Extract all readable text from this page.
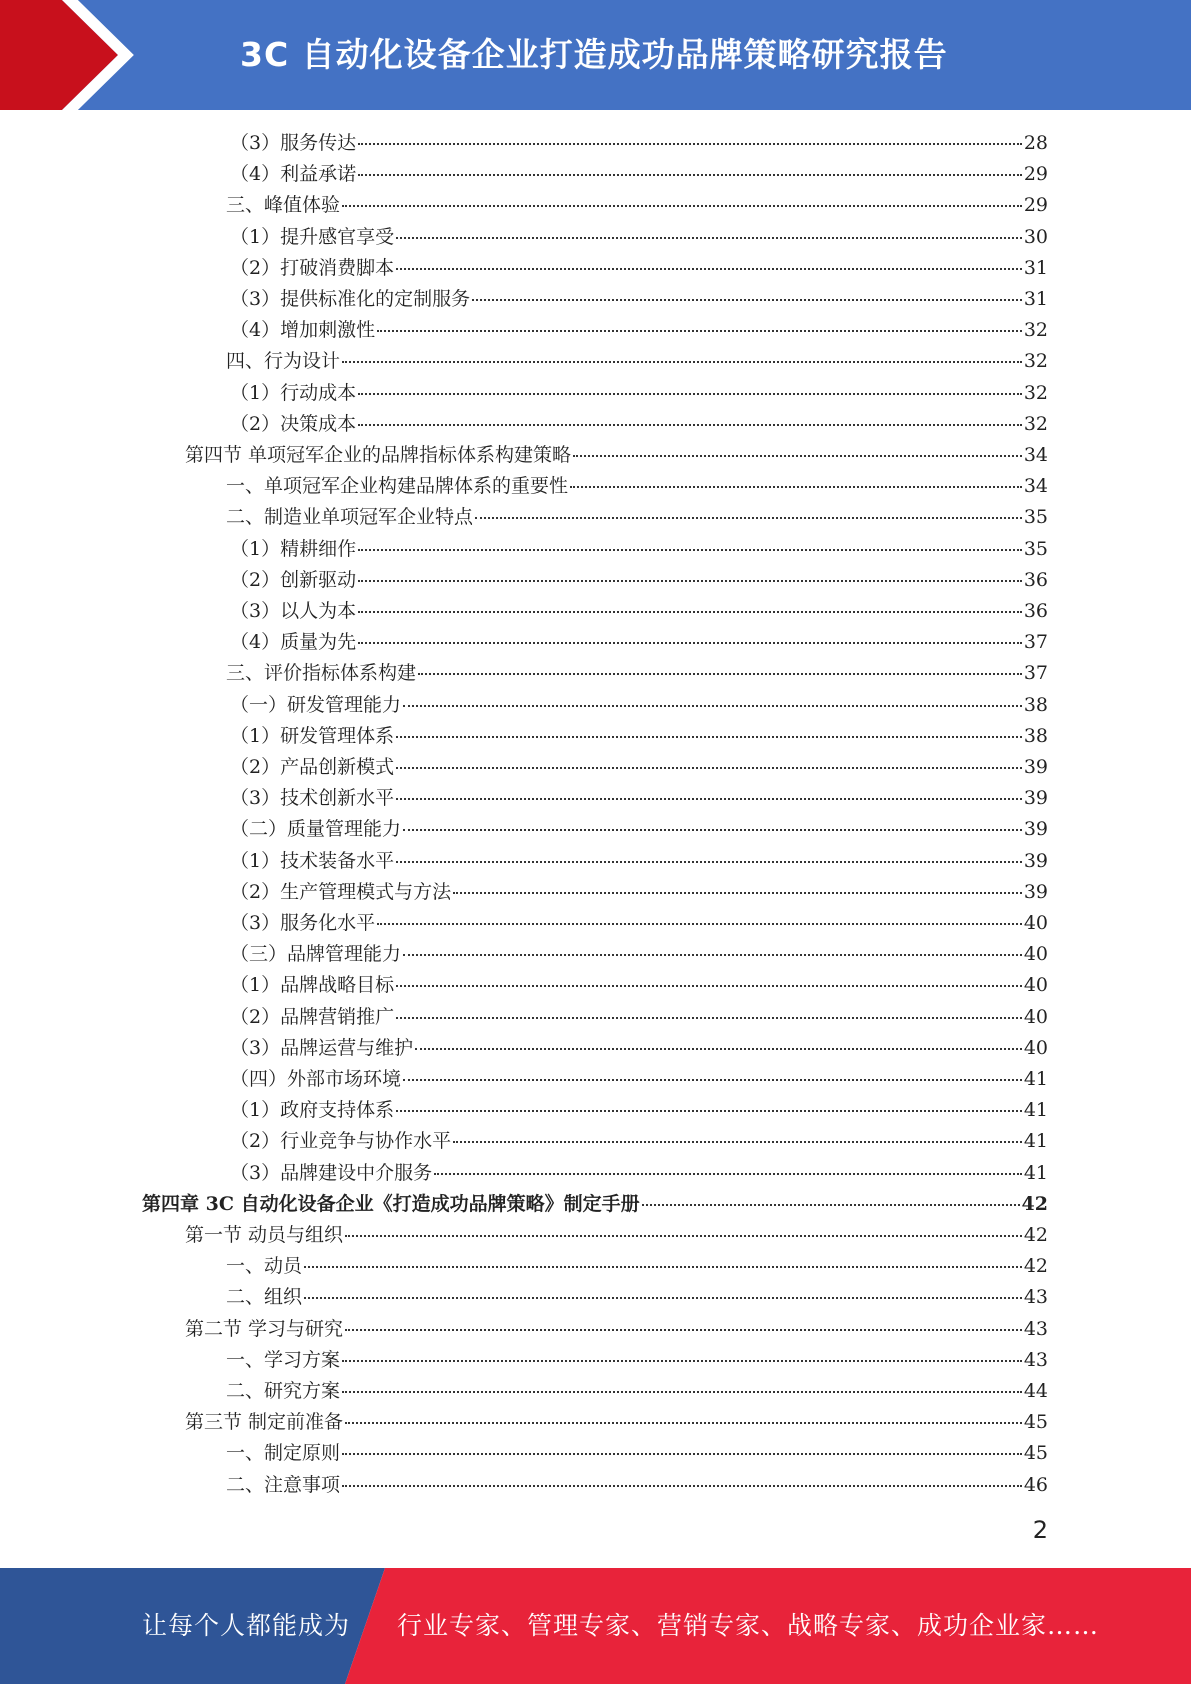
3C 自动化设备企业打造成功品牌策略研究报告
（3）服务传达	28
（4）利益承诺	29
三、峰值体验	29
（1）提升感官享受	30
（2）打破消费脚本	31
（3）提供标准化的定制服务	31
（4）增加刺激性	32
四、行为设计	32
（1）行动成本	32
（2）决策成本	32
第四节 单项冠军企业的品牌指标体系构建策略	34
一、单项冠军企业构建品牌体系的重要性	34
二、制造业单项冠军企业特点	35
（1）精耕细作	35
（2）创新驱动	36
（3）以人为本	36
（4）质量为先	37
三、评价指标体系构建	37
（一）研发管理能力	38
（1）研发管理体系	38
（2）产品创新模式	39
（3）技术创新水平	39
（二）质量管理能力	39
（1）技术装备水平	39
（2）生产管理模式与方法	39
（3）服务化水平	40
（三）品牌管理能力	40
（1）品牌战略目标	40
（2）品牌营销推广	40
（3）品牌运营与维护	40
（四）外部市场环境	41
（1）政府支持体系	41
（2）行业竞争与协作水平	41
（3）品牌建设中介服务	41
第四章 3C 自动化设备企业《打造成功品牌策略》制定手册	42
第一节 动员与组织	42
一、动员	42
二、组织	43
第二节 学习与研究	43
一、学习方案	43
二、研究方案	44
第三节 制定前准备	45
一、制定原则	45
二、注意事项	46
2
让每个人都能成为 行业专家、管理专家、营销专家、战略专家、成功企业家……
